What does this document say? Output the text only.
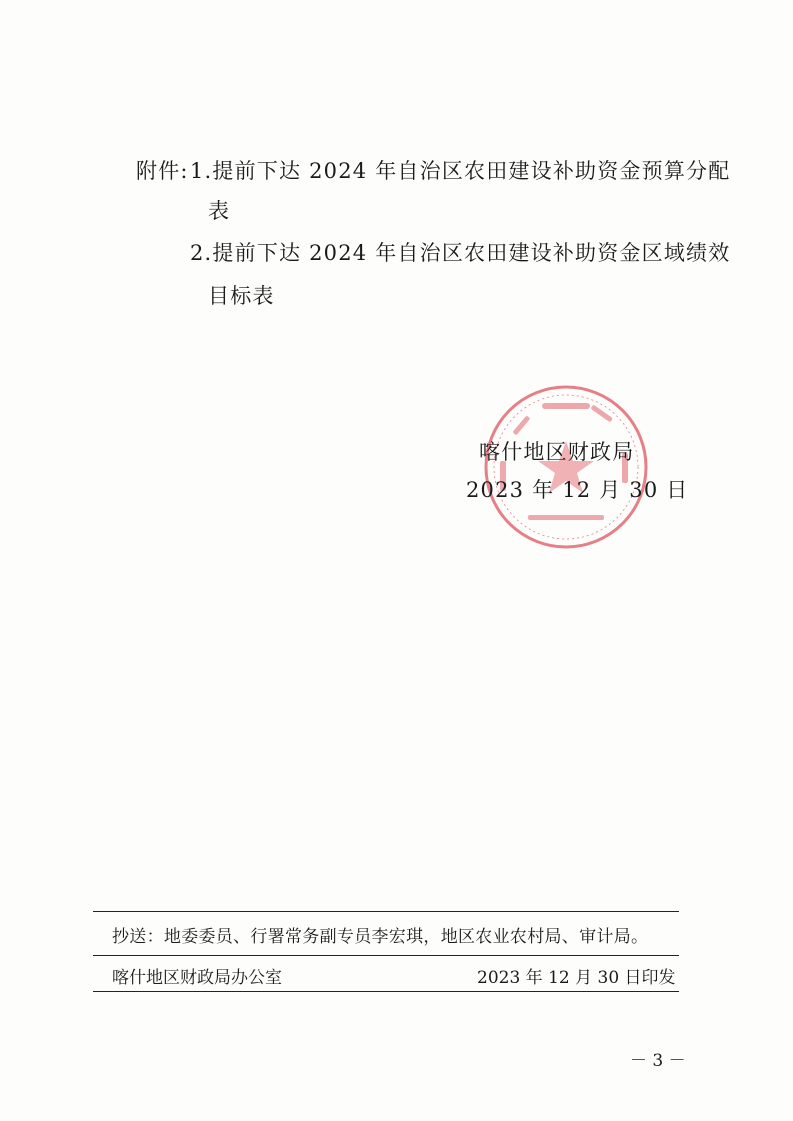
附件: 1.提前下达 2024 年自治区农田建设补助资金预算分配
表
2.提前下达 2024 年自治区农田建设补助资金区域绩效
目标表
喀什地区财政局
2023 年 12 月 30 日
抄送：地委委员、行署常务副专员李宏琪，地区农业农村局、审计局。
喀什地区财政局办公室	2023 年 12 月 30 日印发
－ 3 －
